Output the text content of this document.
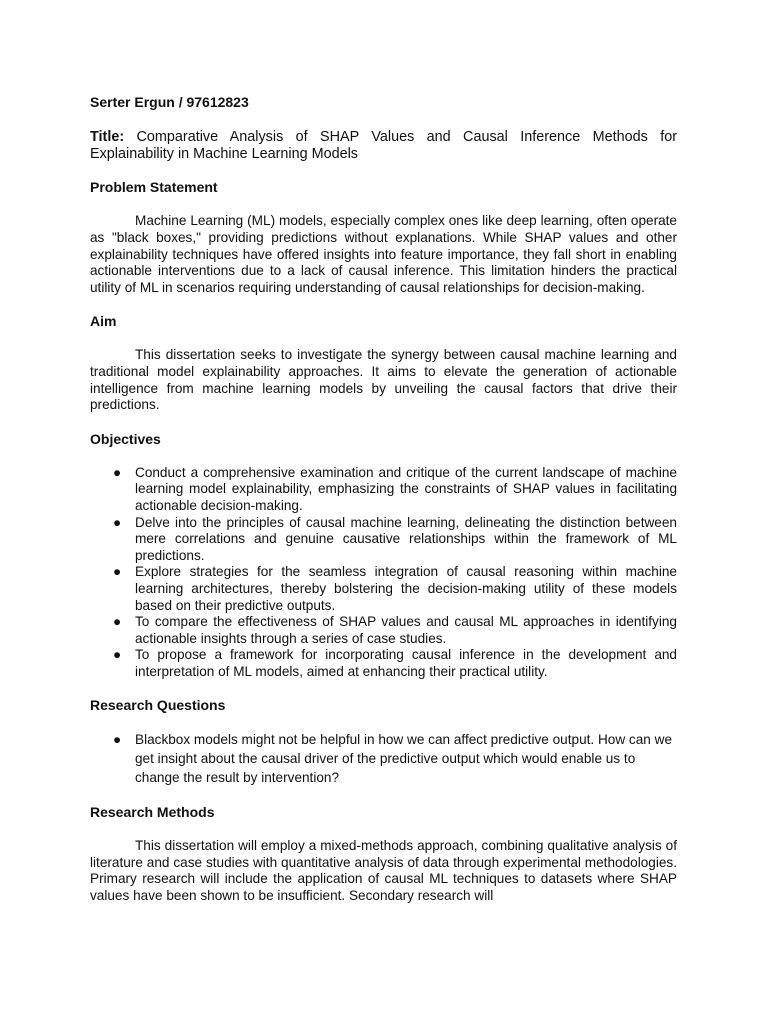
Serter Ergun / 97612823
Title: Comparative Analysis of SHAP Values and Causal Inference Methods for Explainability in Machine Learning Models
Problem Statement

Machine Learning (ML) models, especially complex ones like deep learning, often operate as "black boxes," providing predictions without explanations. While SHAP values and other explainability techniques have offered insights into feature importance, they fall short in enabling actionable interventions due to a lack of causal inference. This limitation hinders the practical utility of ML in scenarios requiring understanding of causal relationships for decision-making.

Aim

This dissertation seeks to investigate the synergy between causal machine learning and traditional model explainability approaches. It aims to elevate the generation of actionable intelligence from machine learning models by unveiling the causal factors that drive their predictions.

Objectives
● Conduct a comprehensive examination and critique of the current landscape of machine learning model explainability, emphasizing the constraints of SHAP values in facilitating actionable decision-making.
● Delve into the principles of causal machine learning, delineating the distinction between mere correlations and genuine causative relationships within the framework of ML predictions.
● Explore strategies for the seamless integration of causal reasoning within machine learning architectures, thereby bolstering the decision-making utility of these models based on their predictive outputs.
● To compare the effectiveness of SHAP values and causal ML approaches in identifying actionable insights through a series of case studies.
● To propose a framework for incorporating causal inference in the development and interpretation of ML models, aimed at enhancing their practical utility.
Research Questions
● Blackbox models might not be helpful in how we can affect predictive output. How can we get insight about the causal driver of the predictive output which would enable us to change the result by intervention?
Research Methods

This dissertation will employ a mixed-methods approach, combining qualitative analysis of literature and case studies with quantitative analysis of data through experimental methodologies. Primary research will include the application of causal ML techniques to datasets where SHAP values have been shown to be insufficient. Secondary research will
